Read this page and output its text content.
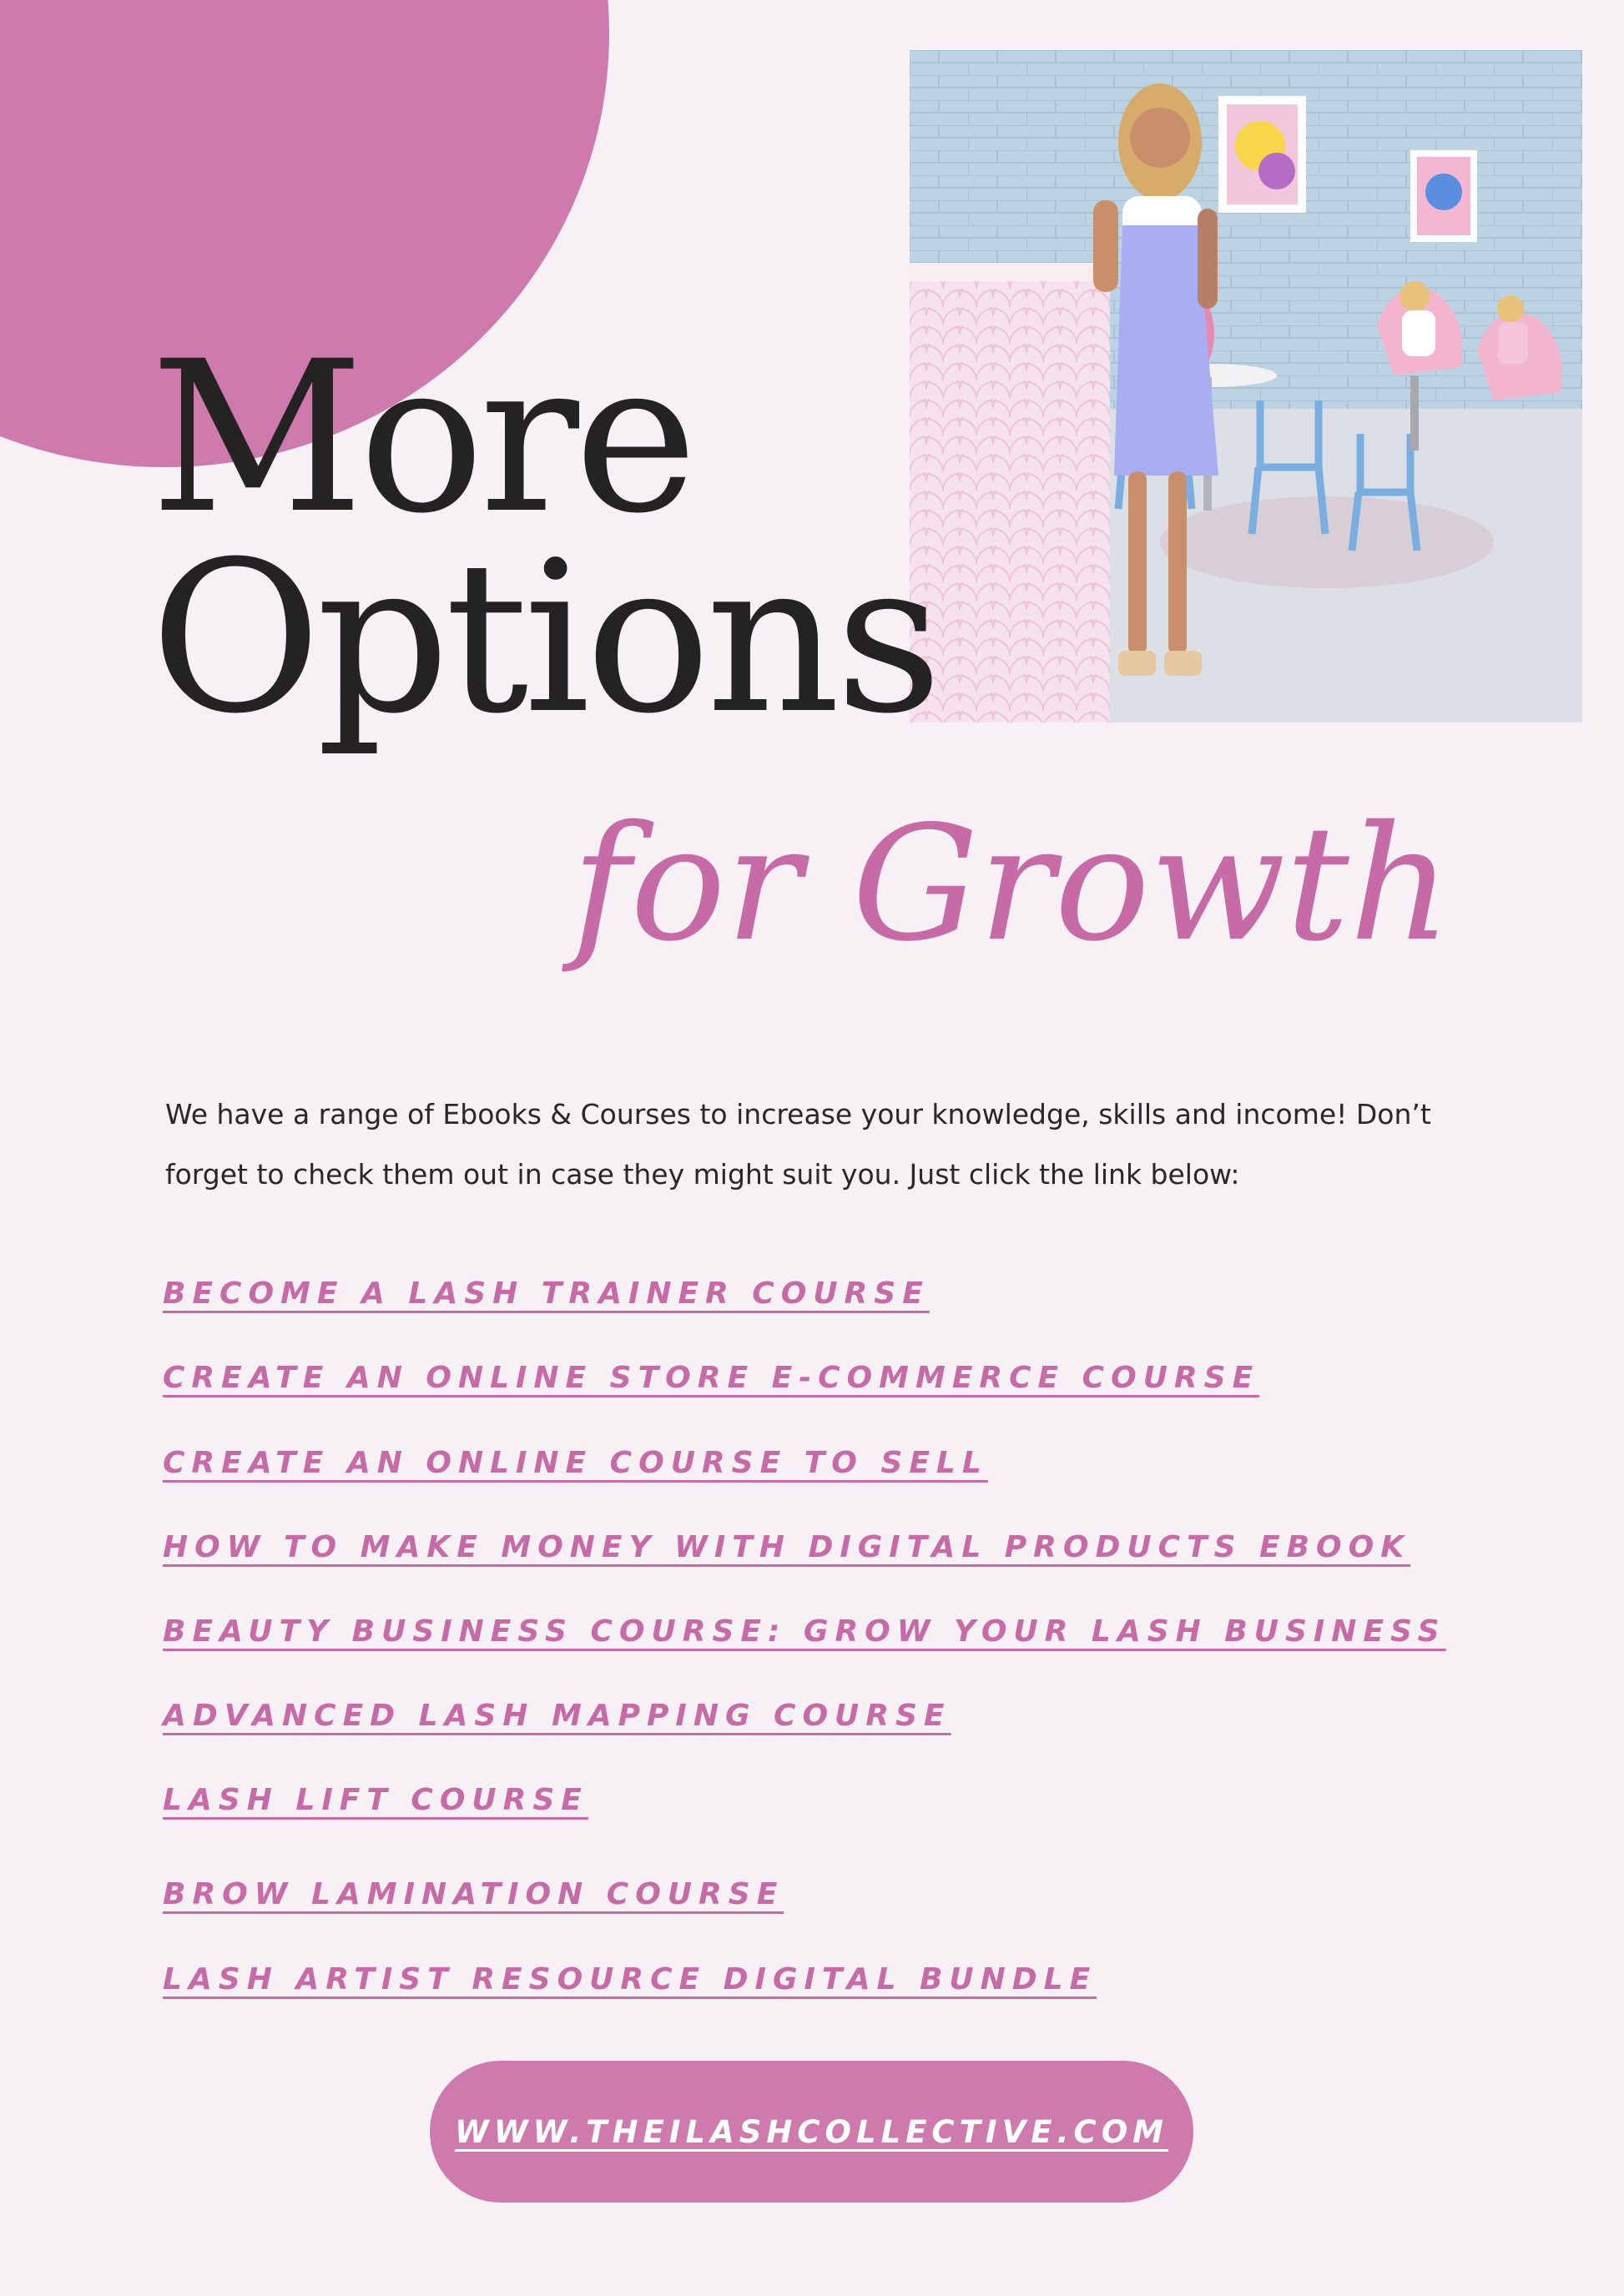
More
Options
for Growth

We have a range of Ebooks & Courses to increase your knowledge, skills and income! Don’t forget to check them out in case they might suit you. Just click the link below:

BECOME A LASH TRAINER COURSE
CREATE AN ONLINE STORE E-COMMERCE COURSE
CREATE AN ONLINE COURSE TO SELL
HOW TO MAKE MONEY WITH DIGITAL PRODUCTS EBOOK
BEAUTY BUSINESS COURSE: GROW YOUR LASH BUSINESS
ADVANCED LASH MAPPING COURSE
LASH LIFT COURSE
BROW LAMINATION COURSE
LASH ARTIST RESOURCE DIGITAL BUNDLE
WWW.THEILASHCOLLECTIVE.COM
